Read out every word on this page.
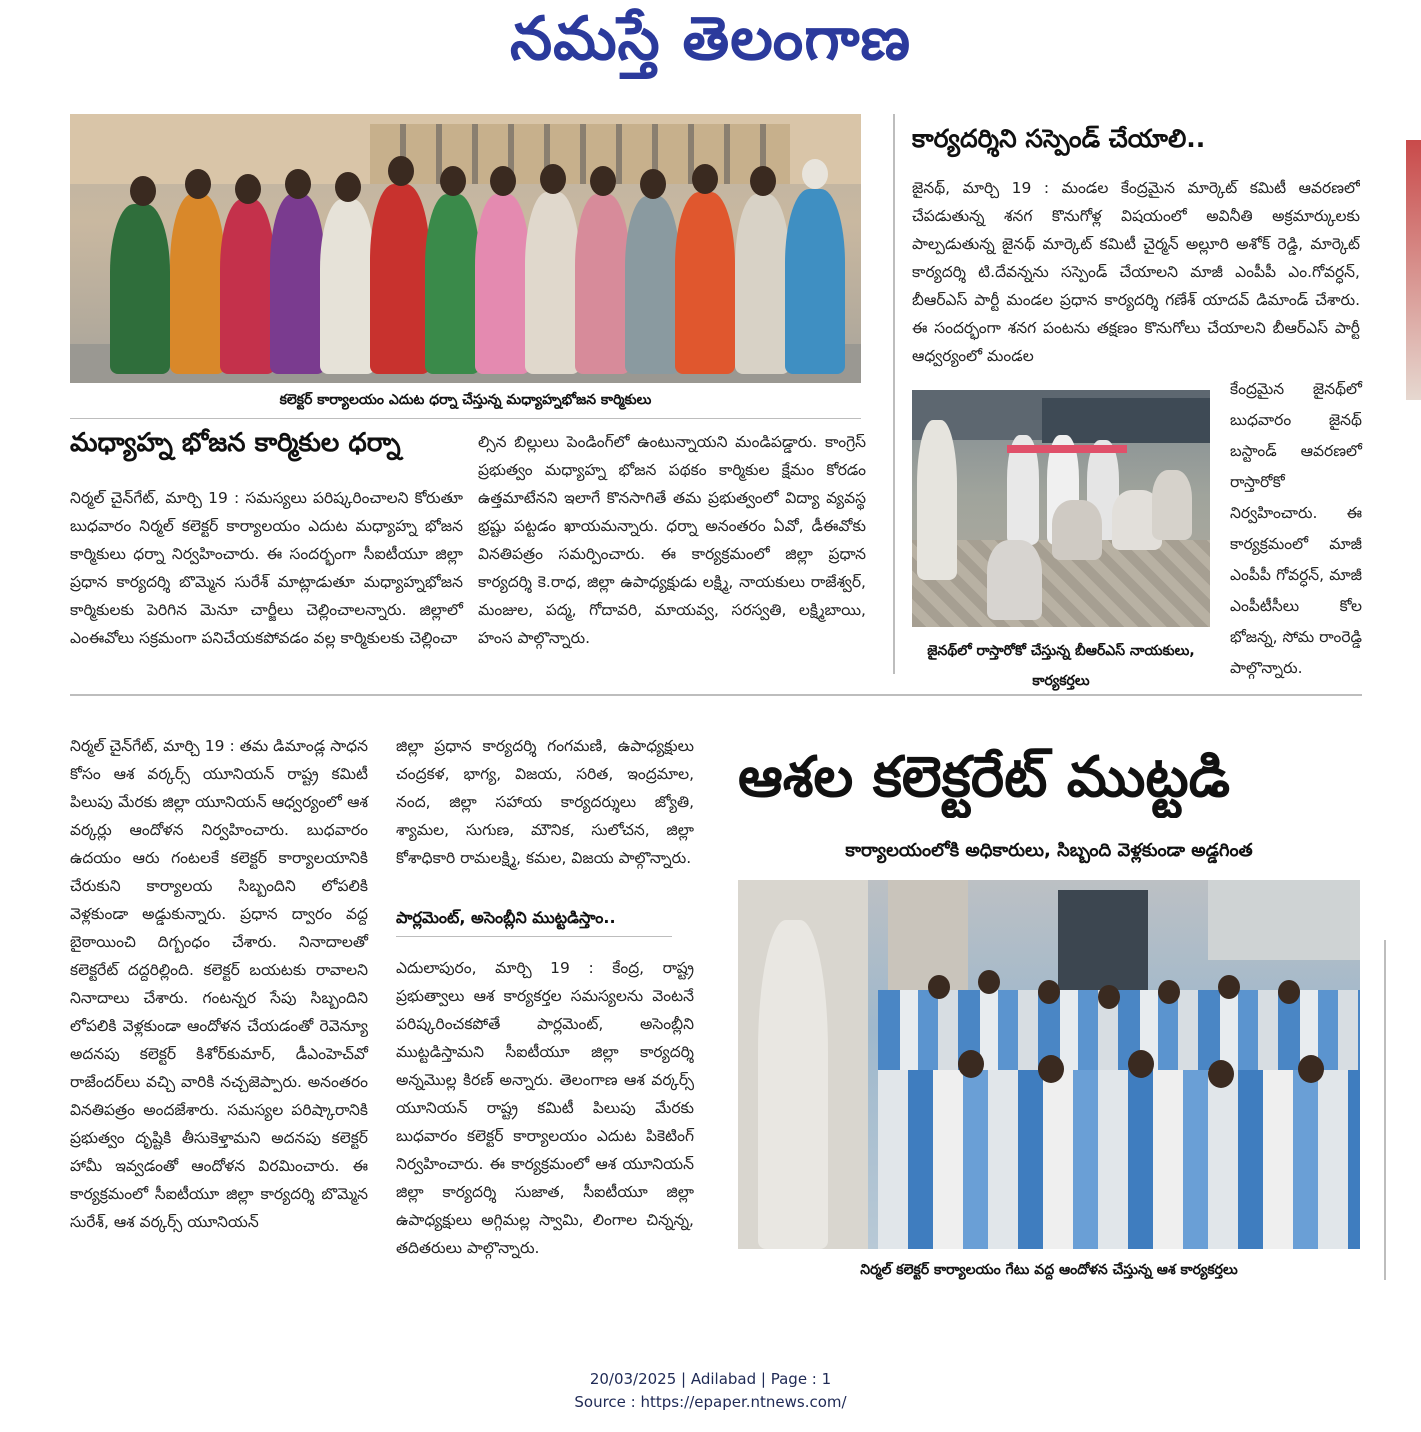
నమస్తే తెలంగాణ
కలెక్టర్ కార్యాలయం ఎదుట ధర్నా చేస్తున్న మధ్యాహ్నభోజన కార్మికులు
మధ్యాహ్న భోజన కార్మికుల ధర్నా
నిర్మల్ చైన్‌గేట్, మార్చి 19 : సమస్యలు పరిష్కరించాలని కోరుతూ బుధవారం నిర్మల్ కలెక్టర్ కార్యాలయం ఎదుట మధ్యాహ్న భోజన కార్మికులు ధర్నా నిర్వహించారు. ఈ సందర్భంగా సీఐటీయూ జిల్లా ప్రధాన కార్యదర్శి బొమ్మెన సురేశ్ మాట్లాడుతూ మధ్యాహ్నభోజన కార్మికులకు పెరిగిన మెనూ చార్జీలు చెల్లించాలన్నారు. జిల్లాలో ఎంఈవోలు సక్రమంగా పనిచేయకపోవడం వల్ల కార్మికులకు చెల్లించా
ల్సిన బిల్లులు పెండింగ్‌లో ఉంటున్నాయని మండిపడ్డారు. కాంగ్రెస్ ప్రభుత్వం మధ్యాహ్న భోజన పథకం కార్మికుల క్షేమం కోరడం ఉత్తమాటేనని ఇలాగే కొనసాగితే తమ ప్రభుత్వంలో విద్యా వ్యవస్థ భ్రష్టు పట్టడం ఖాయమన్నారు. ధర్నా అనంతరం ఏవో, డీఈవోకు వినతిపత్రం సమర్పించారు. ఈ కార్యక్రమంలో జిల్లా ప్రధాన కార్యదర్శి కె.రాధ, జిల్లా ఉపాధ్యక్షుడు లక్ష్మి, నాయకులు రాజేశ్వర్, మంజుల, పద్మ, గోదావరి, మాయవ్వ, సరస్వతి, లక్ష్మిబాయి, హంస పాల్గొన్నారు.
కార్యదర్శిని సస్పెండ్ చేయాలి..
జైనథ్, మార్చి 19 : మండల కేంద్రమైన మార్కెట్ కమిటీ ఆవరణలో చేపడుతున్న శనగ కొనుగోళ్ల విషయంలో అవినీతి అక్రమార్కులకు పాల్పడుతున్న జైనథ్ మార్కెట్ కమిటీ చైర్మన్ అల్లూరి అశోక్ రెడ్డి, మార్కెట్ కార్యదర్శి టి.దేవన్నను సస్పెండ్ చేయాలని మాజీ ఎంపీపీ ఎం.గోవర్ధన్, బీఆర్‌ఎస్ పార్టీ మండల ప్రధాన కార్యదర్శి గణేశ్ యాదవ్ డిమాండ్ చేశారు. ఈ సందర్భంగా శనగ పంటను తక్షణం కొనుగోలు చేయాలని బీఆర్‌ఎస్ పార్టీ ఆధ్వర్యంలో మండల
జైనథ్‌లో రాస్తారోకో చేస్తున్న బీఆర్‌ఎస్ నాయకులు, కార్యకర్తలు
కేంద్రమైన జైనథ్‌లో బుధవారం జైనథ్ బస్టాండ్ ఆవరణలో రాస్తారోకో నిర్వహించారు. ఈ కార్యక్రమంలో మాజీ ఎంపీపీ గోవర్ధన్, మాజీ ఎంపీటీసీలు కోల భోజన్న, సోమ రాంరెడ్డి పాల్గొన్నారు.
నిర్మల్ చైన్‌గేట్, మార్చి 19 : తమ డిమాండ్ల సాధన కోసం ఆశ వర్కర్స్ యూనియన్ రాష్ట్ర కమిటీ పిలుపు మేరకు జిల్లా యూనియన్ ఆధ్వర్యంలో ఆశ వర్కర్లు ఆందోళన నిర్వహించారు. బుధవారం ఉదయం ఆరు గంటలకే కలెక్టర్ కార్యాలయానికి చేరుకుని కార్యాలయ సిబ్బందిని లోపలికి వెళ్లకుండా అడ్డుకున్నారు. ప్రధాన ద్వారం వద్ద బైఠాయించి దిగ్బంధం చేశారు. నినాదాలతో కలెక్టరేట్ దద్దరిల్లింది. కలెక్టర్ బయటకు రావాలని నినాదాలు చేశారు. గంటన్నర సేపు సిబ్బందిని లోపలికి వెళ్లకుండా ఆందోళన చేయడంతో రెవెన్యూ అదనపు కలెక్టర్ కిశోర్‌కుమార్, డీఎంహెచ్‌వో రాజేందర్‌లు వచ్చి వారికి నచ్చజెప్పారు. అనంతరం వినతిపత్రం అందజేశారు. సమస్యల పరిష్కారానికి ప్రభుత్వం దృష్టికి తీసుకెళ్తామని అదనపు కలెక్టర్ హామీ ఇవ్వడంతో ఆందోళన విరమించారు. ఈ కార్యక్రమంలో సీఐటీయూ జిల్లా కార్యదర్శి బొమ్మెన సురేశ్, ఆశ వర్కర్స్ యూనియన్
జిల్లా ప్రధాన కార్యదర్శి గంగమణి, ఉపాధ్యక్షులు చంద్రకళ, భాగ్య, విజయ, సరిత, ఇంద్రమాల, నంద, జిల్లా సహాయ కార్యదర్శులు జ్యోతి, శ్యామల, సుగుణ, మౌనిక, సులోచన, జిల్లా కోశాధికారి రామలక్ష్మి, కమల, విజయ పాల్గొన్నారు.
పార్లమెంట్, అసెంబ్లీని ముట్టడిస్తాం..
ఎదులాపురం, మార్చి 19 : కేంద్ర, రాష్ట్ర ప్రభుత్వాలు ఆశ కార్యకర్తల సమస్యలను వెంటనే పరిష్కరించకపోతే పార్లమెంట్, అసెంబ్లీని ముట్టడిస్తామని సీఐటీయూ జిల్లా కార్యదర్శి అన్నమొల్ల కిరణ్ అన్నారు. తెలంగాణ ఆశ వర్కర్స్ యూనియన్ రాష్ట్ర కమిటీ పిలుపు మేరకు బుధవారం కలెక్టర్ కార్యాలయం ఎదుట పికెటింగ్ నిర్వహించారు. ఈ కార్యక్రమంలో ఆశ యూనియన్ జిల్లా కార్యదర్శి సుజాత, సీఐటీయూ జిల్లా ఉపాధ్యక్షులు అగ్గిమల్ల స్వామి, లింగాల చిన్నన్న, తదితరులు పాల్గొన్నారు.
ఆశల కలెక్టరేట్ ముట్టడి
కార్యాలయంలోకి అధికారులు, సిబ్బంది వెళ్లకుండా అడ్డగింత
నిర్మల్ కలెక్టర్ కార్యాలయం గేటు వద్ద ఆందోళన చేస్తున్న ఆశ కార్యకర్తలు
20/03/2025 | Adilabad | Page : 1
Source : https://epaper.ntnews.com/
